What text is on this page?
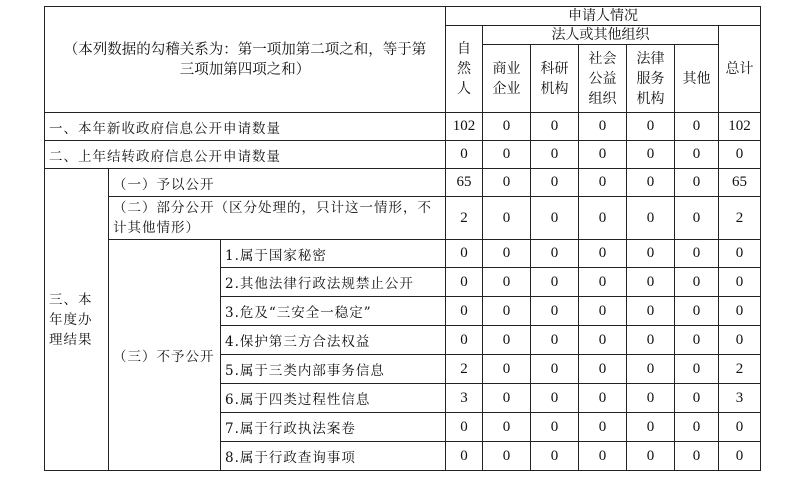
（本列数据的勾稽关系为：第一项加第二项之和，等于第三项加第四项之和）			申请人情况						

			自然人	法人或其他组织					总计

				商业企业	科研机构	社会公益组织	法律服务机构	其他	
一、本年新收政府信息公开申请数量			102	0	0	0	0	0	102
二、上年结转政府信息公开申请数量			0	0	0	0	0	0	0

三、本年度办理结果	（一）予以公开		65	0	0	0	0	0	65
	（二）部分公开（区分处理的，只计这一情形，不计其他情形）		2	0	0	0	0	0	2
	（三）不予公开	1.属于国家秘密	0	0	0	0	0	0	0
		2.其他法律行政法规禁止公开	0	0	0	0	0	0	0
		3.危及“三安全一稳定”	0	0	0	0	0	0	0
		4.保护第三方合法权益	0	0	0	0	0	0	0
		5.属于三类内部事务信息	2	0	0	0	0	0	2
		6.属于四类过程性信息	3	0	0	0	0	0	3
		7.属于行政执法案卷	0	0	0	0	0	0	0
		8.属于行政查询事项	0	0	0	0	0	0	0
